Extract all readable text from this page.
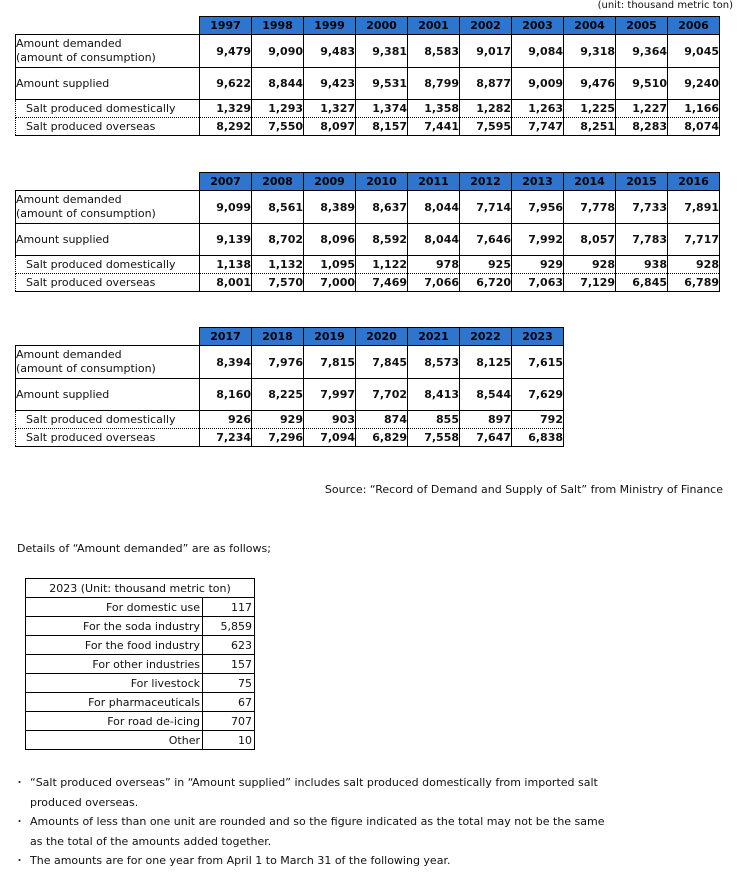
(unit: thousand metric ton)
	1997	1998	1999	2000	2001	2002	2003	2004	2005	2006
Amount demanded
(amount of consumption)	9,479	9,090	9,483	9,381	8,583	9,017	9,084	9,318	9,364	9,045
Amount supplied	9,622	8,844	9,423	9,531	8,799	8,877	9,009	9,476	9,510	9,240
Salt produced domestically	1,329	1,293	1,327	1,374	1,358	1,282	1,263	1,225	1,227	1,166
Salt produced overseas	8,292	7,550	8,097	8,157	7,441	7,595	7,747	8,251	8,283	8,074
	2007	2008	2009	2010	2011	2012	2013	2014	2015	2016
Amount demanded
(amount of consumption)	9,099	8,561	8,389	8,637	8,044	7,714	7,956	7,778	7,733	7,891
Amount supplied	9,139	8,702	8,096	8,592	8,044	7,646	7,992	8,057	7,783	7,717
Salt produced domestically	1,138	1,132	1,095	1,122	978	925	929	928	938	928
Salt produced overseas	8,001	7,570	7,000	7,469	7,066	6,720	7,063	7,129	6,845	6,789
	2017	2018	2019	2020	2021	2022	2023
Amount demanded
(amount of consumption)	8,394	7,976	7,815	7,845	8,573	8,125	7,615
Amount supplied	8,160	8,225	7,997	7,702	8,413	8,544	7,629
Salt produced domestically	926	929	903	874	855	897	792
Salt produced overseas	7,234	7,296	7,094	6,829	7,558	7,647	6,838
Source: “Record of Demand and Supply of Salt” from Ministry of Finance
Details of “Amount demanded” are as follows;
2023 (Unit: thousand metric ton)	
For domestic use	117
For the soda industry	5,859
For the food industry	623
For other industries	157
For livestock	75
For pharmaceuticals	67
For road de-icing	707
Other	10
・ “Salt produced overseas” in “Amount supplied” includes salt produced domestically from imported salt
produced overseas.
・ Amounts of less than one unit are rounded and so the figure indicated as the total may not be the same
as the total of the amounts added together.
・ The amounts are for one year from April 1 to March 31 of the following year.
